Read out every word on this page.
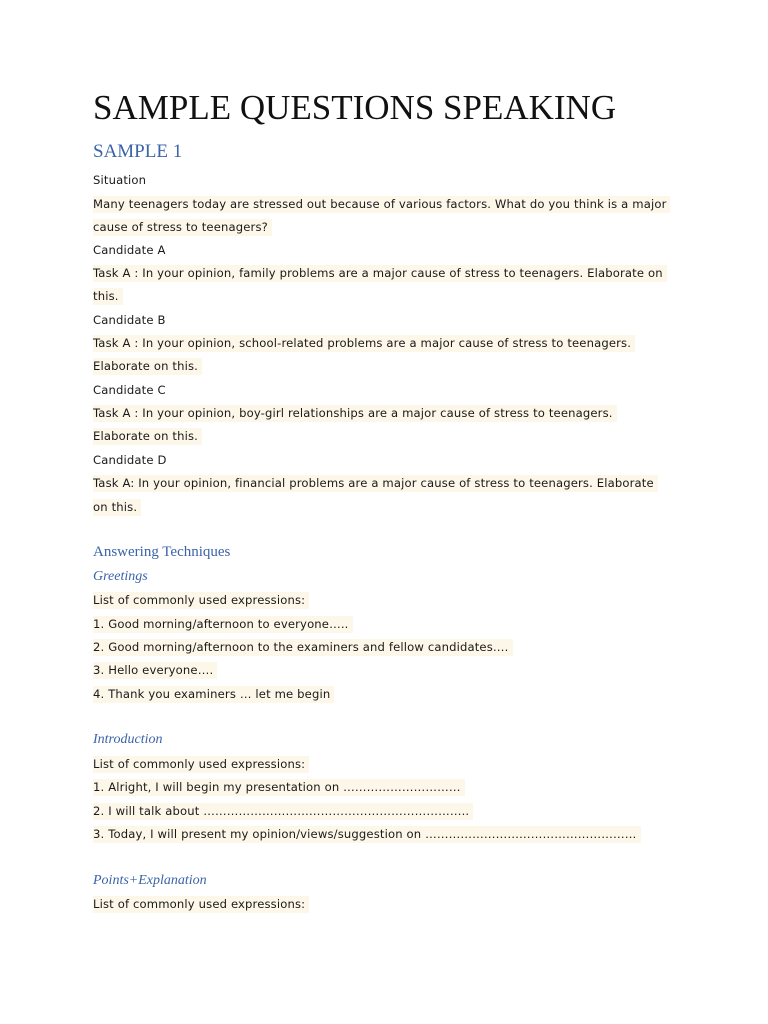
SAMPLE QUESTIONS SPEAKING
SAMPLE 1
Situation
Many teenagers today are stressed out because of various factors. What do you think is a major
cause of stress to teenagers?
Candidate A
Task A : In your opinion, family problems are a major cause of stress to teenagers. Elaborate on
this.
Candidate B
Task A : In your opinion, school-related problems are a major cause of stress to teenagers.
Elaborate on this.
Candidate C
Task A : In your opinion, boy-girl relationships are a major cause of stress to teenagers.
Elaborate on this.
Candidate D
Task A: In your opinion, financial problems are a major cause of stress to teenagers. Elaborate
on this.
Answering Techniques
Greetings
List of commonly used expressions:
1. Good morning/afternoon to everyone…..
2. Good morning/afternoon to the examiners and fellow candidates….
3. Hello everyone….
4. Thank you examiners … let me begin
Introduction
List of commonly used expressions:
1. Alright, I will begin my presentation on …………………………
2. I will talk about …………………………………………………………..
3. Today, I will present my opinion/views/suggestion on ………………………………………………
Points+Explanation
List of commonly used expressions:
